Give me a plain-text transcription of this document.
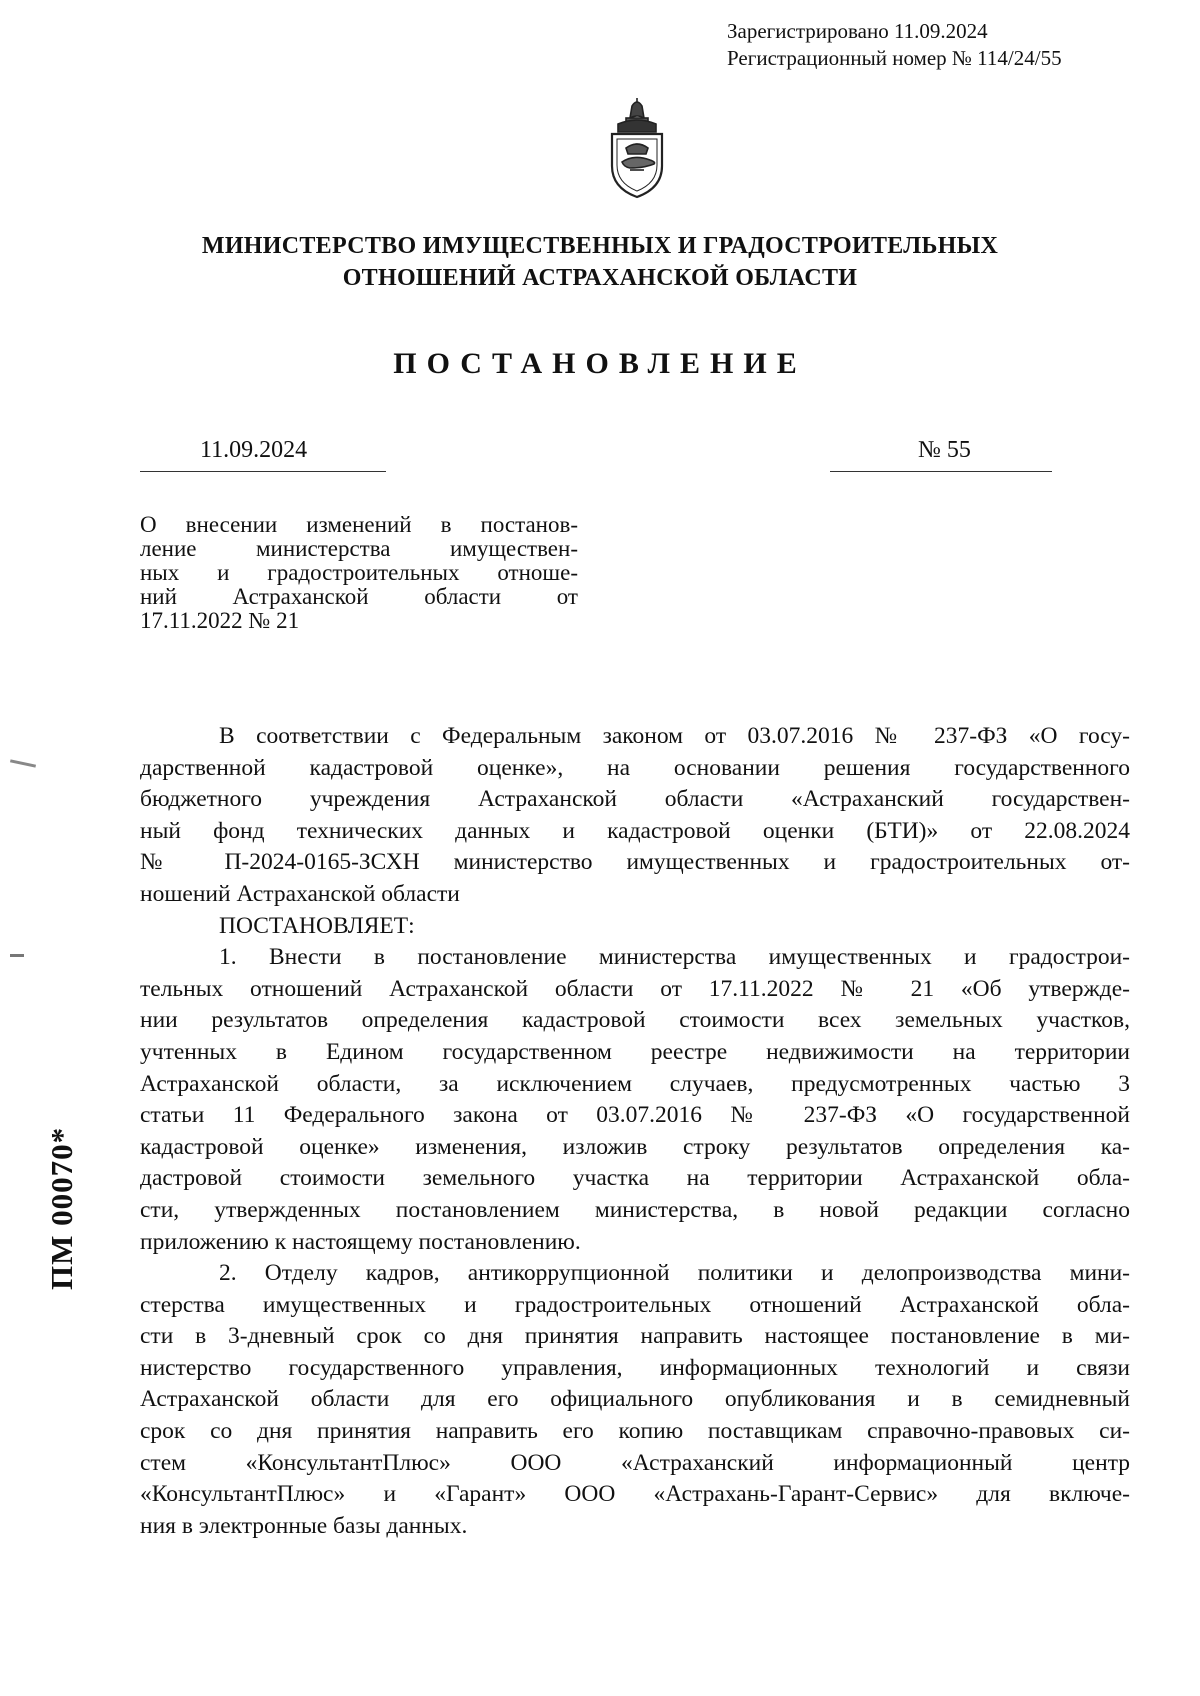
Зарегистрировано 11.09.2024
Регистрационный номер № 114/24/55
МИНИСТЕРСТВО ИМУЩЕСТВЕННЫХ И ГРАДОСТРОИТЕЛЬНЫХ
ОТНОШЕНИЙ АСТРАХАНСКОЙ ОБЛАСТИ
ПОСТАНОВЛЕНИЕ
11.09.2024	№ 55
О внесении изменений в постанов-
ление министерства имуществен-
ных и градостроительных отноше-
ний Астраханской области от
17.11.2022 № 21
В соответствии с Федеральным законом от 03.07.2016 № 237-ФЗ «О госу-
дарственной кадастровой оценке», на основании решения государственного
бюджетного учреждения Астраханской области «Астраханский государствен-
ный фонд технических данных и кадастровой оценки (БТИ)» от 22.08.2024
№ П-2024-0165-ЗСХН министерство имущественных и градостроительных от-
ношений Астраханской области
ПОСТАНОВЛЯЕТ:
1. Внести в постановление министерства имущественных и градострои-
тельных отношений Астраханской области от 17.11.2022 № 21 «Об утвержде-
нии результатов определения кадастровой стоимости всех земельных участков,
учтенных в Едином государственном реестре недвижимости на территории
Астраханской области, за исключением случаев, предусмотренных частью 3
статьи 11 Федерального закона от 03.07.2016 № 237-ФЗ «О государственной
кадастровой оценке» изменения, изложив строку результатов определения ка-
дастровой стоимости земельного участка на территории Астраханской обла-
сти, утвержденных постановлением министерства, в новой редакции согласно
приложению к настоящему постановлению.
2. Отделу кадров, антикоррупционной политики и делопроизводства мини-
стерства имущественных и градостроительных отношений Астраханской обла-
сти в 3-дневный срок со дня принятия направить настоящее постановление в ми-
нистерство государственного управления, информационных технологий и связи
Астраханской области для его официального опубликования и в семидневный
срок со дня принятия направить его копию поставщикам справочно-правовых си-
стем «КонсультантПлюс» ООО «Астраханский информационный центр
«КонсультантПлюс» и «Гарант» ООО «Астрахань-Гарант-Сервис» для включе-
ния в электронные базы данных.
ПМ 00070*
